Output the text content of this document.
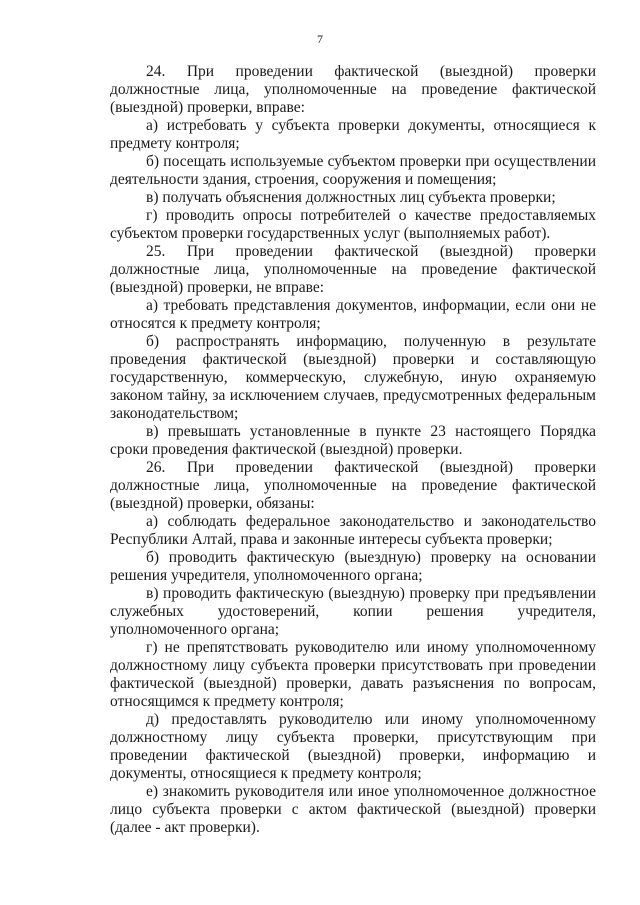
7

24. При проведении фактической (выездной) проверки должностные лица, уполномоченные на проведение фактической (выездной) проверки, вправе:

а) истребовать у субъекта проверки документы, относящиеся к предмету контроля;

б) посещать используемые субъектом проверки при осуществлении деятельности здания, строения, сооружения и помещения;

в) получать объяснения должностных лиц субъекта проверки;

г) проводить опросы потребителей о качестве предоставляемых субъектом проверки государственных услуг (выполняемых работ).

25. При проведении фактической (выездной) проверки должностные лица, уполномоченные на проведение фактической (выездной) проверки, не вправе:

а) требовать представления документов, информации, если они не относятся к предмету контроля;

б) распространять информацию, полученную в результате проведения фактической (выездной) проверки и составляющую государственную, коммерческую, служебную, иную охраняемую законом тайну, за исключением случаев, предусмотренных федеральным законодательством;

в) превышать установленные в пункте 23 настоящего Порядка сроки проведения фактической (выездной) проверки.

26. При проведении фактической (выездной) проверки должностные лица, уполномоченные на проведение фактической (выездной) проверки, обязаны:

а) соблюдать федеральное законодательство и законодательство Республики Алтай, права и законные интересы субъекта проверки;

б) проводить фактическую (выездную) проверку на основании решения учредителя, уполномоченного органа;

в) проводить фактическую (выездную) проверку при предъявлении служебных удостоверений, копии решения учредителя, уполномоченного органа;

г) не препятствовать руководителю или иному уполномоченному должностному лицу субъекта проверки присутствовать при проведении фактической (выездной) проверки, давать разъяснения по вопросам, относящимся к предмету контроля;

д) предоставлять руководителю или иному уполномоченному должностному лицу субъекта проверки, присутствующим при проведении фактической (выездной) проверки, информацию и документы, относящиеся к предмету контроля;

е) знакомить руководителя или иное уполномоченное должностное лицо субъекта проверки с актом фактической (выездной) проверки (далее - акт проверки).
